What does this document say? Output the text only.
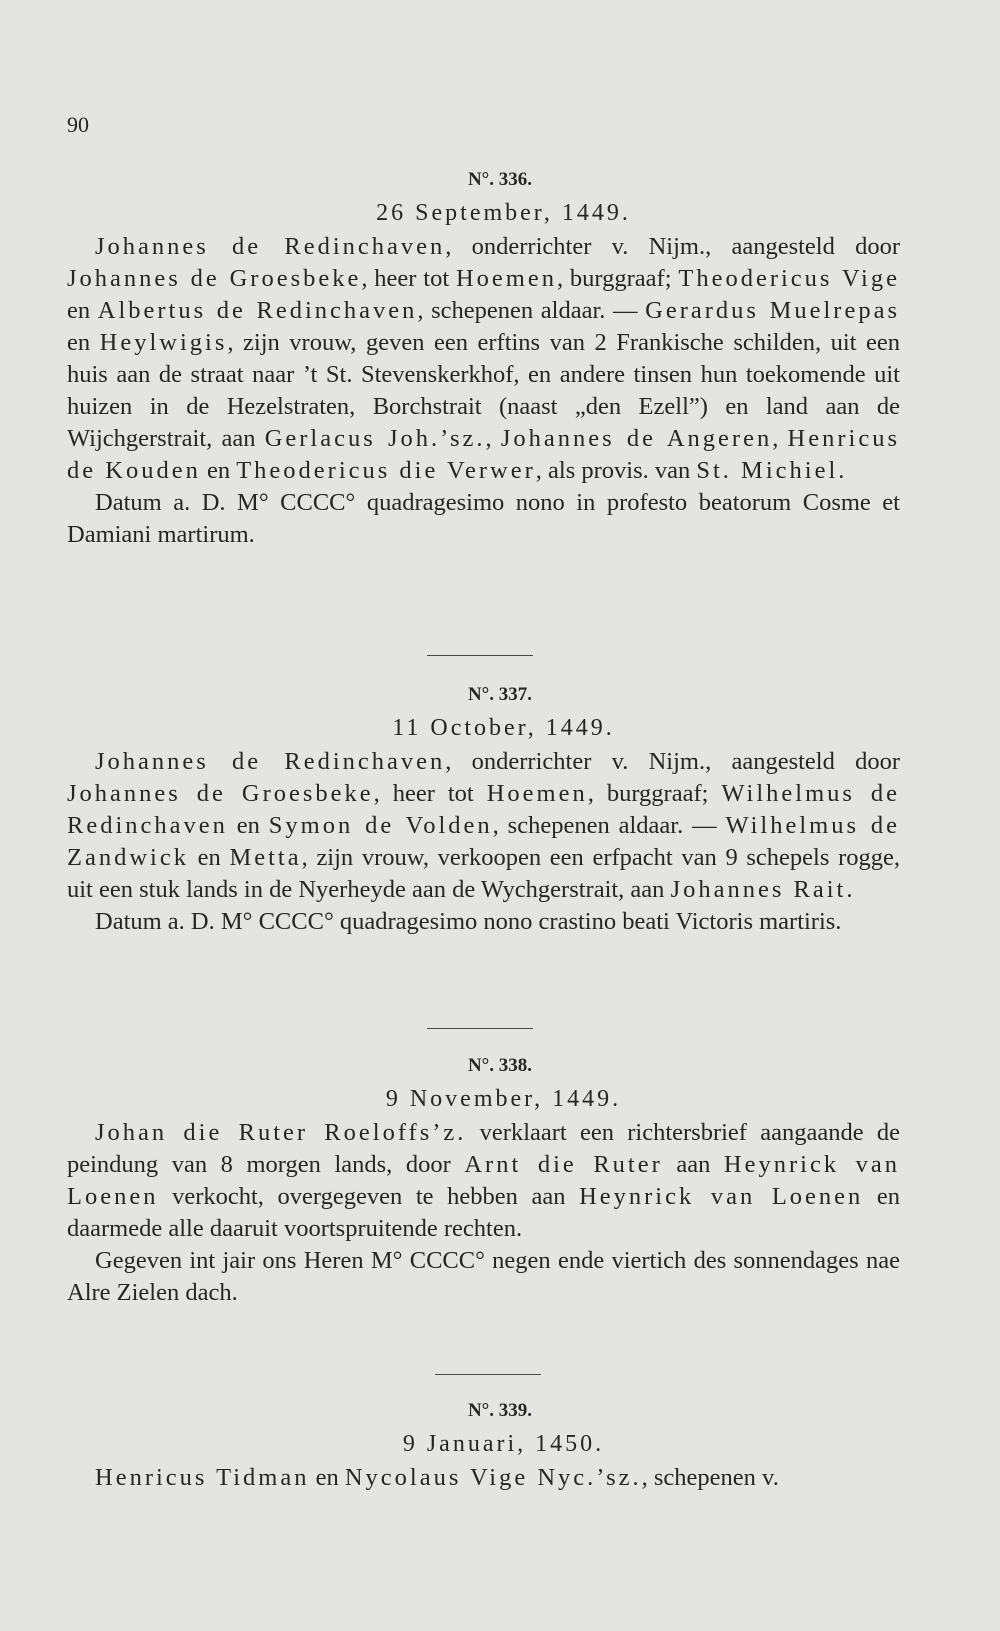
90
N°. 336.
26 September, 1449.

Johannes de Redinchaven, onderrichter v. Nijm., aangesteld door Johannes de Groesbeke, heer tot Hoemen, burggraaf; Theodericus Vige en Albertus de Redinchaven, schepenen aldaar. — Gerardus Muelrepas en Heylwigis, zijn vrouw, geven een erftins van 2 Frankische schilden, uit een huis aan de straat naar ’t St. Stevenskerkhof, en andere tinsen hun toekomende uit huizen in de Hezelstraten, Borchstrait (naast „den Ezell”) en land aan de Wijchgerstrait, aan Gerlacus Joh.’sz., Johannes de Angeren, Henricus de Kouden en Theodericus die Verwer, als provis. van St. Michiel.

Datum a. D. M° CCCC° quadragesimo nono in profesto beatorum Cosme et Damiani martirum.

N°. 337.
11 October, 1449.

Johannes de Redinchaven, onderrichter v. Nijm., aangesteld door Johannes de Groesbeke, heer tot Hoemen, burggraaf; Wilhelmus de Redinchaven en Symon de Volden, schepenen aldaar. — Wilhelmus de Zandwick en Metta, zijn vrouw, verkoopen een erfpacht van 9 schepels rogge, uit een stuk lands in de Nyerheyde aan de Wychgerstrait, aan Johannes Rait.

Datum a. D. M° CCCC° quadragesimo nono crastino beati Victoris martiris.

N°. 338.
9 November, 1449.

Johan die Ruter Roeloffs’z. verklaart een richtersbrief aangaande de peindung van 8 morgen lands, door Arnt die Ruter aan Heynrick van Loenen verkocht, overgegeven te hebben aan Heynrick van Loenen en daarmede alle daaruit voortspruitende rechten.

Gegeven int jair ons Heren M° CCCC° negen ende viertich des sonnendages nae Alre Zielen dach.

N°. 339.
9 Januari, 1450.

Henricus Tidman en Nycolaus Vige Nyc.’sz., schepenen v.
